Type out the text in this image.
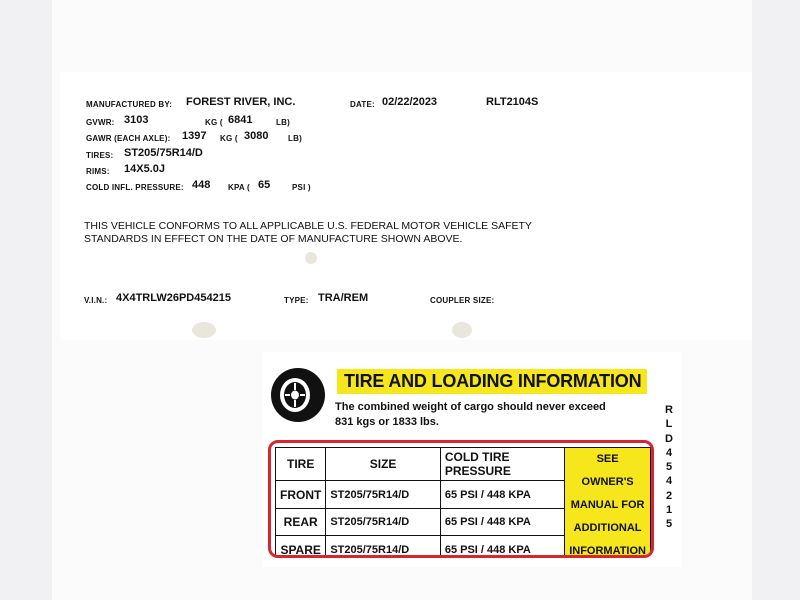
MANUFACTURED BY: FOREST RIVER, INC.	DATE: 02/22/2023	RLT2104S
GVWR: 3103	KG ( 6841	LB)
GAWR (EACH AXLE): 1397 KG ( 3080 LB)
TIRES: ST205/75R14/D
RIMS: 14X5.0J
COLD INFL. PRESSURE: 448 KPA ( 65	PSI )
THIS VEHICLE CONFORMS TO ALL APPLICABLE U.S. FEDERAL MOTOR VEHICLE SAFETY
STANDARDS IN EFFECT ON THE DATE OF MANUFACTURE SHOWN ABOVE.
V.I.N.: 4X4TRLW26PD454215	TYPE: TRA/REM	COUPLER SIZE:
TIRE AND LOADING INFORMATION
The combined weight of cargo should never exceed
831 kgs or 1833 lbs.
TIRE	SIZE	COLD TIRE PRESSURE	SEE OWNER'S
MANUAL FOR
ADDITIONAL
INFORMATION

FRONT	ST205/75R14/D	65 PSI / 448 KPA	
REAR	ST205/75R14/D	65 PSI / 448 KPA	
SPARE	ST205/75R14/D	65 PSI / 448 KPA	
R
L
D
4
5
4
2
1
5
